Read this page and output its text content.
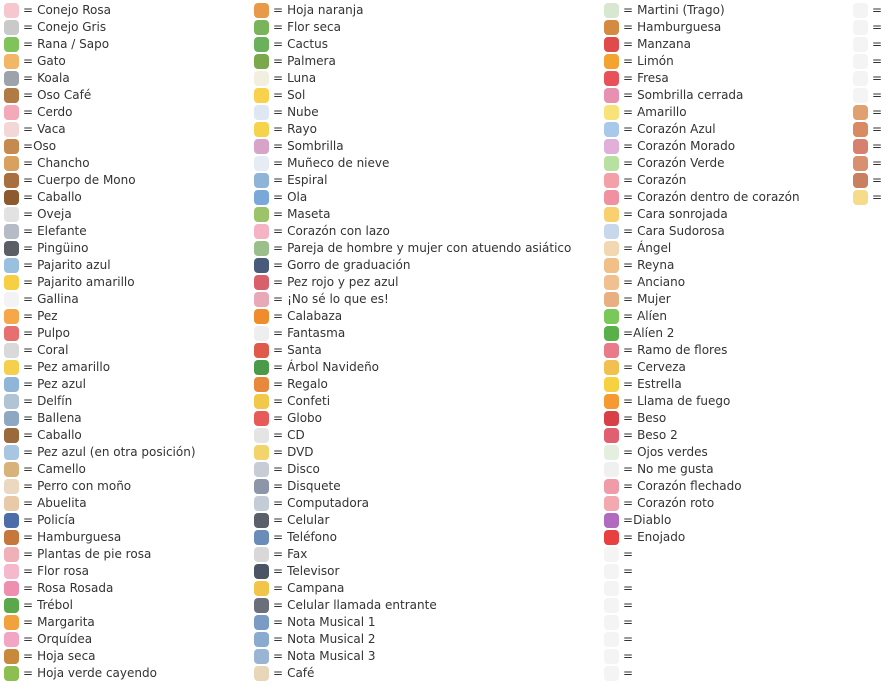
= Conejo Rosa
= Conejo Gris
= Rana / Sapo
= Gato
= Koala
= Oso Café
= Cerdo
= Vaca
= Oso
= Chancho
= Cuerpo de Mono
= Caballo
= Oveja
= Elefante
= Pingüino
= Pajarito azul
= Pajarito amarillo
= Gallina
= Pez
= Pulpo
= Coral
= Pez amarillo
= Pez azul
= Delfín
= Ballena
= Caballo
= Pez azul (en otra posición)
= Camello
= Perro con moño
= Abuelita
= Policía
= Hamburguesa
= Plantas de pie rosa
= Flor rosa
= Rosa Rosada
= Trébol
= Margarita
= Orquídea
= Hoja seca
= Hoja verde cayendo
= Hoja naranja
= Flor seca
= Cactus
= Palmera
= Luna
= Sol
= Nube
= Rayo
= Sombrilla
= Muñeco de nieve
= Espiral
= Ola
= Maseta
= Corazón con lazo
= Pareja de hombre y mujer con atuendo asiático
= Gorro de graduación
= Pez rojo y pez azul
= ¡No sé lo que es!
= Calabaza
= Fantasma
= Santa
= Árbol Navideño
= Regalo
= Confeti
= Globo
= CD
= DVD
= Disco
= Disquete
= Computadora
= Celular
= Teléfono
= Fax
= Televisor
= Campana
= Celular llamada entrante
= Nota Musical 1
= Nota Musical 2
= Nota Musical 3
= Café
= Martini (Trago)
= Hamburguesa
= Manzana
= Limón
= Fresa
= Sombrilla cerrada
= Amarillo
= Corazón Azul
= Corazón Morado
= Corazón Verde
= Corazón
= Corazón dentro de corazón
= Cara sonrojada
= Cara Sudorosa
= Ángel
= Reyna
= Anciano
= Mujer
= Alíen
= Alíen 2
= Ramo de flores
= Cerveza
= Estrella
= Llama de fuego
= Beso
= Beso 2
= Ojos verdes
= No me gusta
= Corazón flechado
= Corazón roto
= Diablo
= Enojado
=
=
=
=
=
=
=
=
=
=
=
=
=
=
=
=
=
=
=
=
